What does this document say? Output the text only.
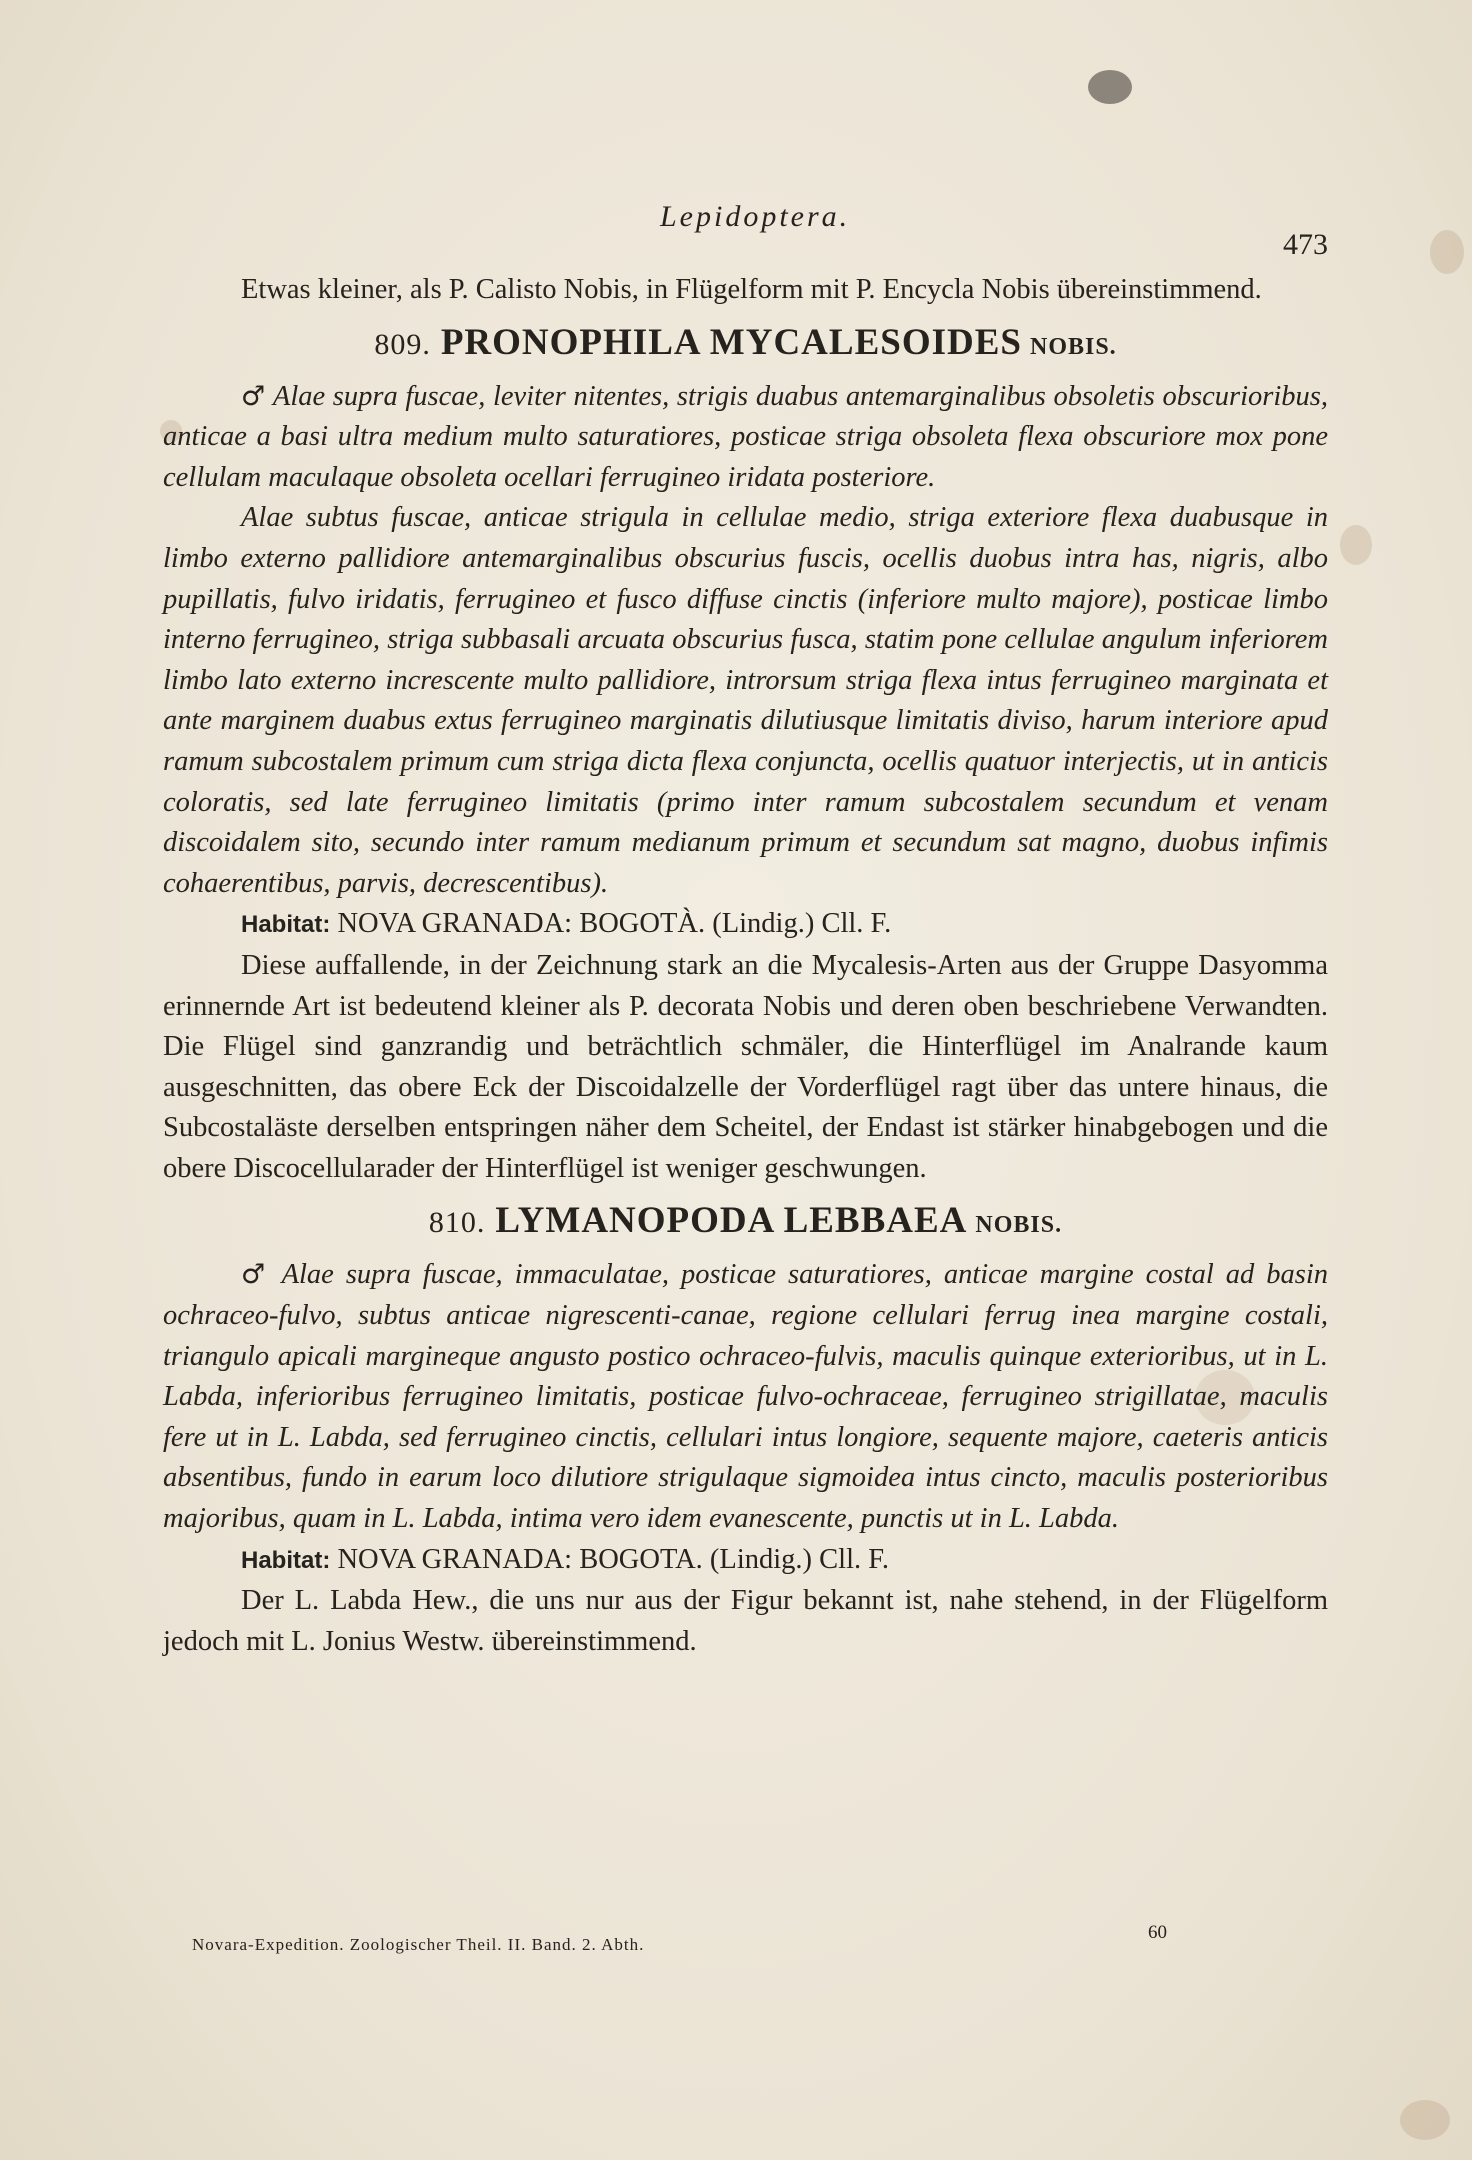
Lepidoptera.
473

Etwas kleiner, als P. Calisto Nobis, in Flügelform mit P. Encycla Nobis übereinstimmend.

809. PRONOPHILA MYCALESOIDES NOBIS.

♂ Alae supra fuscae, leviter nitentes, strigis duabus antemarginalibus obsoletis obscurioribus, anticae a basi ultra medium multo saturatiores, posticae striga obsoleta flexa obscuriore mox pone cellulam maculaque obsoleta ocellari ferrugineo iridata posteriore.

Alae subtus fuscae, anticae strigula in cellulae medio, striga exteriore flexa duabusque in limbo externo pallidiore antemarginalibus obscurius fuscis, ocellis duobus intra has, nigris, albo pupillatis, fulvo iridatis, ferrugineo et fusco diffuse cinctis (inferiore multo majore), posticae limbo interno ferrugineo, striga subbasali arcuata obscurius fusca, statim pone cellulae angulum inferiorem limbo lato externo increscente multo pallidiore, introrsum striga flexa intus ferrugineo marginata et ante marginem duabus extus ferrugineo marginatis dilutiusque limitatis diviso, harum interiore apud ramum subcostalem primum cum striga dicta flexa conjuncta, ocellis quatuor interjectis, ut in anticis coloratis, sed late ferrugineo limitatis (primo inter ramum subcostalem secundum et venam discoidalem sito, secundo inter ramum medianum primum et secundum sat magno, duobus infimis cohaerentibus, parvis, decrescentibus).

Habitat: NOVA GRANADA: BOGOTÀ. (Lindig.) Cll. F.

Diese auffallende, in der Zeichnung stark an die Mycalesis-Arten aus der Gruppe Dasyomma erinnernde Art ist bedeutend kleiner als P. decorata Nobis und deren oben beschriebene Verwandten. Die Flügel sind ganzrandig und beträchtlich schmäler, die Hinterflügel im Analrande kaum ausgeschnitten, das obere Eck der Discoidalzelle der Vorderflügel ragt über das untere hinaus, die Subcostaläste derselben entspringen näher dem Scheitel, der Endast ist stärker hinabgebogen und die obere Discocellularader der Hinterflügel ist weniger geschwungen.

810. LYMANOPODA LEBBAEA NOBIS.

♂ Alae supra fuscae, immaculatae, posticae saturatiores, anticae margine costal ad basin ochraceo-fulvo, subtus anticae nigrescenti-canae, regione cellulari ferrug inea margine costali, triangulo apicali margineque angusto postico ochraceo-fulvis, maculis quinque exterioribus, ut in L. Labda, inferioribus ferrugineo limitatis, posticae fulvo-ochraceae, ferrugineo strigillatae, maculis fere ut in L. Labda, sed ferrugineo cinctis, cellulari intus longiore, sequente majore, caeteris anticis absentibus, fundo in earum loco dilutiore strigulaque sigmoidea intus cincto, maculis posterioribus majoribus, quam in L. Labda, intima vero idem evanescente, punctis ut in L. Labda.

Habitat: NOVA GRANADA: BOGOTA. (Lindig.) Cll. F.

Der L. Labda Hew., die uns nur aus der Figur bekannt ist, nahe stehend, in der Flügelform jedoch mit L. Jonius Westw. übereinstimmend.

Novara-Expedition. Zoologischer Theil. II. Band. 2. Abth.
60
